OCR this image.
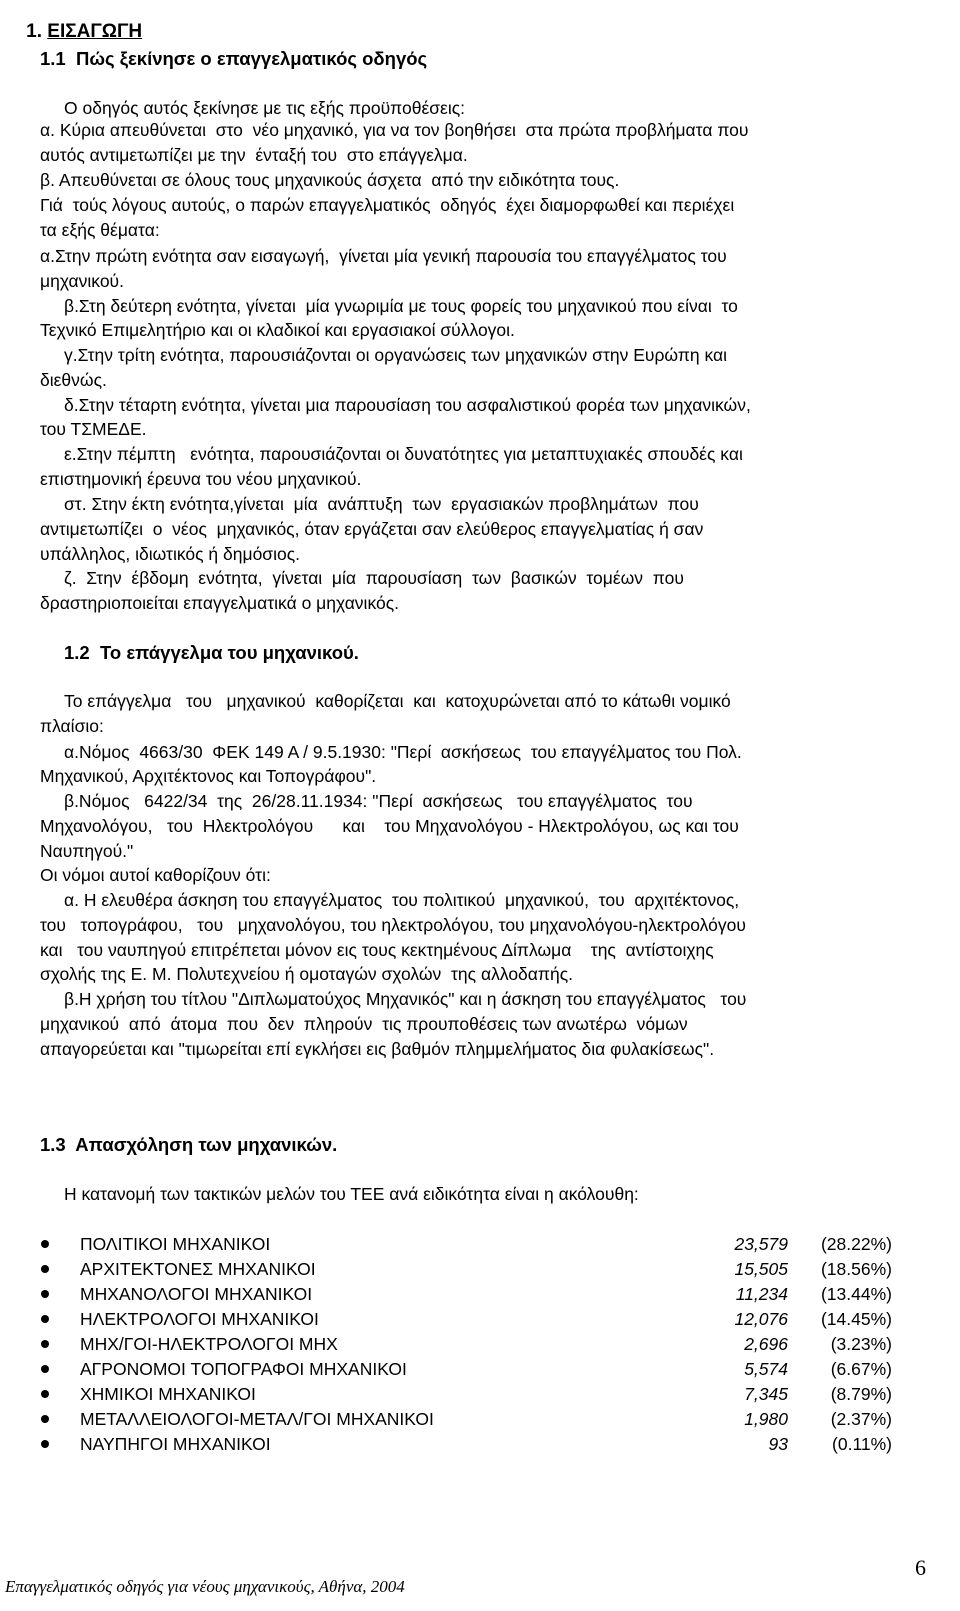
1. ΕΙΣΑΓΩΓΗ

1.1  Πώς ξεκίνησε ο επαγγελματικός οδηγός
Ο οδηγός αυτός ξεκίνησε με τις εξής προϋποθέσεις:
α. Κύρια απευθύνεται  στο  νέο μηχανικό, για να τον βοηθήσει  στα πρώτα προβλήματα που
αυτός αντιμετωπίζει με την  ένταξή του  στο επάγγελμα.
β. Απευθύνεται σε όλους τους μηχανικούς άσχετα  από την ειδικότητα τους.
Γιά  τούς λόγους αυτούς, ο παρών επαγγελματικός  οδηγός  έχει διαμορφωθεί και περιέχει
τα εξής θέματα:
α.Στην πρώτη ενότητα σαν εισαγωγή,  γίνεται μία γενική παρουσία του επαγγέλματος του
μηχανικού.
β.Στη δεύτερη ενότητα, γίνεται  μία γνωριμία με τους φορείς του μηχανικού που είναι  το
Τεχνικό Επιμελητήριο και οι κλαδικοί και εργασιακοί σύλλογοι.
γ.Στην τρίτη ενότητα, παρουσιάζονται οι οργανώσεις των μηχανικών στην Ευρώπη και
διεθνώς.
δ.Στην τέταρτη ενότητα, γίνεται μια παρουσίαση του ασφαλιστικού φορέα των μηχανικών,
του ΤΣΜΕΔΕ.
ε.Στην πέμπτη   ενότητα, παρουσιάζονται οι δυνατότητες για μεταπτυχιακές σπουδές και
επιστημονική έρευνα του νέου μηχανικού.
στ. Στην έκτη ενότητα,γίνεται  μία  ανάπτυξη  των  εργασιακών προβλημάτων  που
αντιμετωπίζει  ο  νέος  μηχανικός, όταν εργάζεται σαν ελεύθερος επαγγελματίας ή σαν
υπάλληλος, ιδιωτικός ή δημόσιος.
ζ.  Στην  έβδομη  ενότητα,  γίνεται  μία  παρουσίαση  των  βασικών  τομέων  που
δραστηριοποιείται επαγγελματικά ο μηχανικός.
1.2  Το επάγγελμα του μηχανικού.
Το επάγγελμα   του   μηχανικού  καθορίζεται  και  κατοχυρώνεται από το κάτωθι νομικό
πλαίσιο:
α.Νόμος  4663/30  ΦΕΚ 149 Α / 9.5.1930: "Περί  ασκήσεως  του επαγγέλματος του Πολ.
Μηχανικού, Αρχιτέκτονος και Τοπογράφου".
β.Νόμος   6422/34  της  26/28.11.1934: "Περί  ασκήσεως   του επαγγέλματος  του
Μηχανολόγου,   του  Ηλεκτρολόγου      και    του Μηχανολόγου - Ηλεκτρολόγου, ως και του
Ναυπηγού."
Οι νόμοι αυτοί καθορίζουν ότι:
α. Η ελευθέρα άσκηση του επαγγέλματος  του πολιτικού  μηχανικού,  του  αρχιτέκτονος,
του   τοπογράφου,   του   μηχανολόγου, του ηλεκτρολόγου, του μηχανολόγου-ηλεκτρολόγου
και   του ναυπηγού επιτρέπεται μόνον εις τους κεκτημένους Δίπλωμα    της  αντίστοιχης
σχολής της Ε. Μ. Πολυτεχνείου ή ομοταγών σχολών  της αλλοδαπής.
β.Η χρήση του τίτλου "Διπλωματούχος Μηχανικός" και η άσκηση του επαγγέλματος   του
μηχανικού  από  άτομα  που  δεν  πληρούν  τις προυποθέσεις των ανωτέρω  νόμων
απαγορεύεται και "τιμωρείται επί εγκλήσει εις βαθμόν πλημμελήματος δια φυλακίσεως".
1.3  Απασχόληση των μηχανικών.
Η κατανομή των τακτικών μελών του ΤΕΕ ανά ειδικότητα είναι η ακόλουθη:
ΠΟΛΙΤΙΚΟΙ ΜΗΧΑΝΙΚΟΙ	23,579	(28.22%)
ΑΡΧΙΤΕΚΤΟΝΕΣ ΜΗΧΑΝΙΚΟΙ	15,505	(18.56%)
ΜΗΧΑΝΟΛΟΓΟΙ ΜΗΧΑΝΙΚΟΙ	11,234	(13.44%)
ΗΛΕΚΤΡΟΛΟΓΟΙ ΜΗΧΑΝΙΚΟΙ	12,076	(14.45%)
ΜΗΧ/ΓΟΙ-ΗΛΕΚΤΡΟΛΟΓΟΙ ΜΗΧ	2,696	(3.23%)
ΑΓΡΟΝΟΜΟΙ ΤΟΠΟΓΡΑΦΟΙ ΜΗΧΑΝΙΚΟΙ	5,574	(6.67%)
ΧΗΜΙΚΟΙ ΜΗΧΑΝΙΚΟΙ	7,345	(8.79%)
ΜΕΤΑΛΛΕΙΟΛΟΓΟΙ-ΜΕΤΑΛ/ΓΟΙ ΜΗΧΑΝΙΚΟΙ	1,980	(2.37%)
ΝΑΥΠΗΓΟΙ ΜΗΧΑΝΙΚΟΙ	93	(0.11%)
6
Επαγγελματικός οδηγός για νέους μηχανικούς, Αθήνα, 2004
